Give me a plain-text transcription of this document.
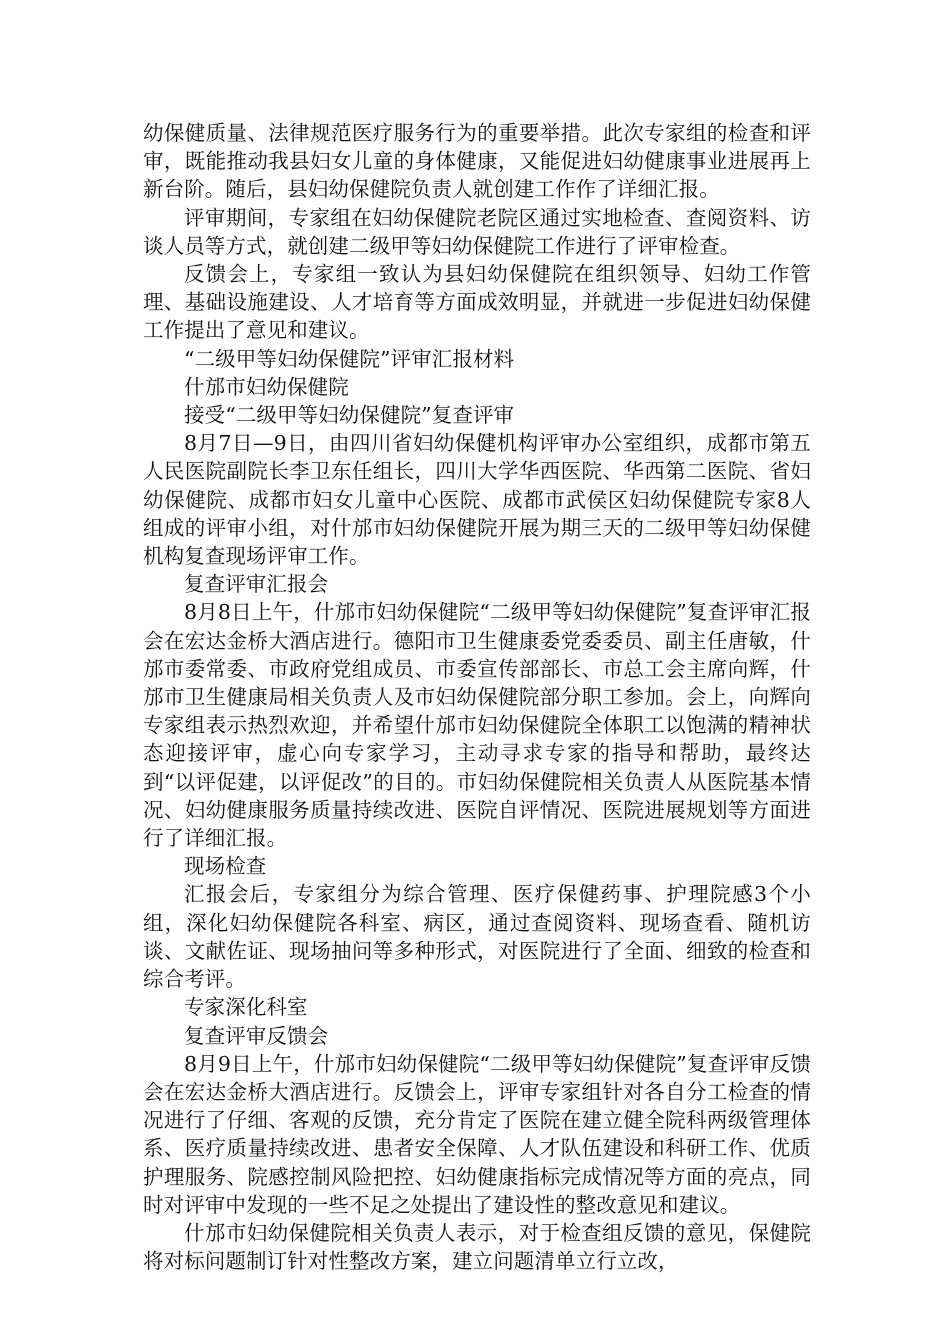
幼保健质量、法律规范医疗服务行为的重要举措。此次专家组的检查和评审，既能推动我县妇女儿童的身体健康，又能促进妇幼健康事业进展再上新台阶。随后，县妇幼保健院负责人就创建工作作了详细汇报。

评审期间，专家组在妇幼保健院老院区通过实地检查、查阅资料、访谈人员等方式，就创建二级甲等妇幼保健院工作进行了评审检查。

反馈会上，专家组一致认为县妇幼保健院在组织领导、妇幼工作管理、基础设施建设、人才培育等方面成效明显，并就进一步促进妇幼保健工作提出了意见和建议。

“二级甲等妇幼保健院”评审汇报材料

什邡市妇幼保健院

接受“二级甲等妇幼保健院”复查评审

8月7日—9日，由四川省妇幼保健机构评审办公室组织，成都市第五人民医院副院长李卫东任组长，四川大学华西医院、华西第二医院、省妇幼保健院、成都市妇女儿童中心医院、成都市武侯区妇幼保健院专家8人组成的评审小组，对什邡市妇幼保健院开展为期三天的二级甲等妇幼保健机构复查现场评审工作。

复查评审汇报会

8月8日上午，什邡市妇幼保健院“二级甲等妇幼保健院”复查评审汇报会在宏达金桥大酒店进行。德阳市卫生健康委党委委员、副主任唐敏，什邡市委常委、市政府党组成员、市委宣传部部长、市总工会主席向辉，什邡市卫生健康局相关负责人及市妇幼保健院部分职工参加。会上，向辉向专家组表示热烈欢迎，并希望什邡市妇幼保健院全体职工以饱满的精神状态迎接评审，虚心向专家学习，主动寻求专家的指导和帮助，最终达到“以评促建，以评促改”的目的。市妇幼保健院相关负责人从医院基本情况、妇幼健康服务质量持续改进、医院自评情况、医院进展规划等方面进行了详细汇报。

现场检查

汇报会后，专家组分为综合管理、医疗保健药事、护理院感3个小组，深化妇幼保健院各科室、病区，通过查阅资料、现场查看、随机访谈、文献佐证、现场抽问等多种形式，对医院进行了全面、细致的检查和综合考评。

专家深化科室

复查评审反馈会

8月9日上午，什邡市妇幼保健院“二级甲等妇幼保健院”复查评审反馈会在宏达金桥大酒店进行。反馈会上，评审专家组针对各自分工检查的情况进行了仔细、客观的反馈，充分肯定了医院在建立健全院科两级管理体系、医疗质量持续改进、患者安全保障、人才队伍建设和科研工作、优质护理服务、院感控制风险把控、妇幼健康指标完成情况等方面的亮点，同时对评审中发现的一些不足之处提出了建设性的整改意见和建议。

什邡市妇幼保健院相关负责人表示，对于检查组反馈的意见，保健院将对标问题制订针对性整改方案，建立问题清单立行立改，
